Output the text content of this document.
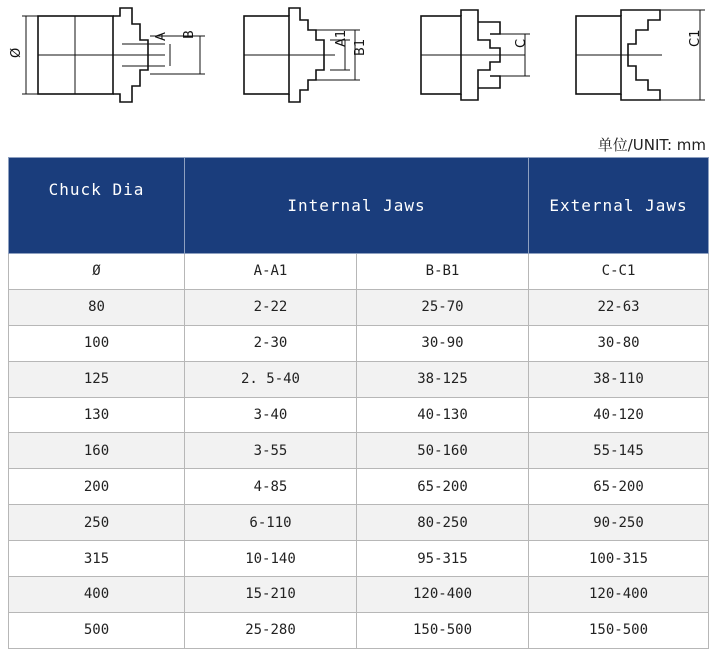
Ø
A B	A1
B1	C	C1
单位/UNIT: mm
Chuck Dia	Internal Jaws		External Jaws
Ø	A-A1	B-B1	C-C1
80	2-22	25-70	22-63
100	2-30	30-90	30-80
125	2. 5-40	38-125	38-110
130	3-40	40-130	40-120
160	3-55	50-160	55-145
200	4-85	65-200	65-200
250	6-110	80-250	90-250
315	10-140	95-315	100-315
400	15-210	120-400	120-400
500	25-280	150-500	150-500
